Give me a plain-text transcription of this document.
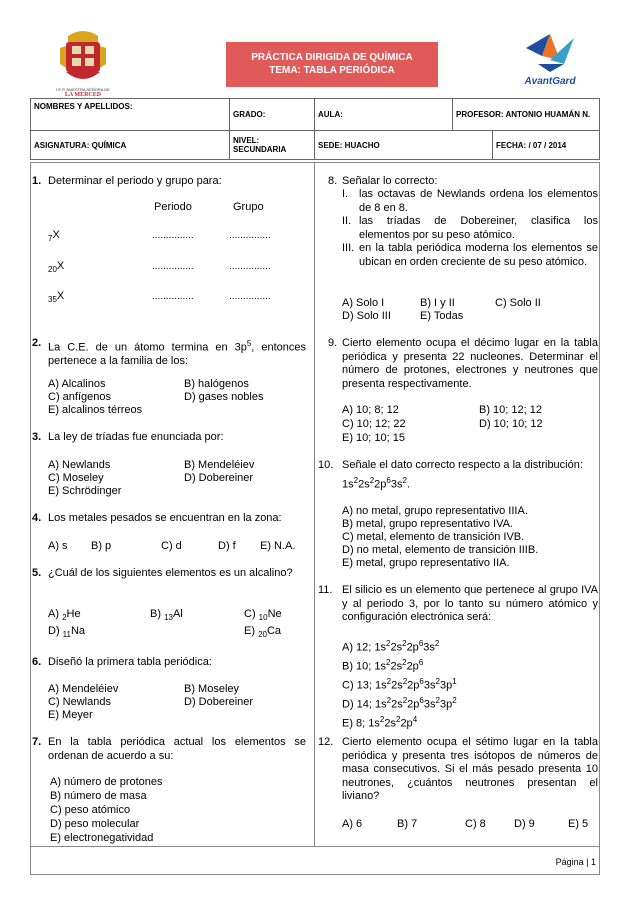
I.E.P. NUESTRA SEÑORA DE
LA MERCED
PRÁCTICA DIRIGIDA DE QUÍMICA
TEMA: TABLA PERIÓDICA
AvantGard
NOMBRES Y APELLIDOS:	GRADO:	AULA:	PROFESOR: ANTONIO HUAMÁN N.	
ASIGNATURA: QUÍMICA	NIVEL: SECUNDARIA	SEDE: HUACHO		FECHA: / 07 / 2014
Página | 1
1. Determinar el periodo y grupo para:
Periodo	Grupo
$_7$X	...............	...............
$_{20}$X	...............	...............
$_{35}$X	...............	...............
2. La C.E. de un átomo termina en $3p^5$, entonces pertenece a la familia de los:
A) Alcalinos	B) halógenos
C) anfígenos	D) gases nobles
E) alcalinos térreos
3. La ley de tríadas fue enunciada por:
A) Newlands	B) Mendeléiev
C) Moseley	D) Dobereiner
E) Schrödinger
4. Los metales pesados se encuentran en la zona:
A) s B) p	C) d	D) f E) N.A.
5. ¿Cuál de los siguientes elementos es un alcalino?
A) $_2$He	B) $_{13}$Al	C) $_{10}$Ne
D) $_{11}$Na	E) $_{20}$Ca
6. Diseñó la primera tabla periódica:
A) Mendeléiev	B) Moseley
C) Newlands	D) Dobereiner
E) Meyer
7. En la tabla periódica actual los elementos se ordenan de acuerdo a su:
A) número de protones
B) número de masa
C) peso atómico
D) peso molecular
E) electronegatividad
8. Señalar lo correcto:
I. las octavas de Newlands ordena los elementos de 8 en 8.
II. las tríadas de Dobereiner, clasifica los elementos por su peso atómico.
III. en la tabla periódica moderna los elementos se ubican en orden creciente de su peso atómico.
A) Solo I	B) I y II	C) Solo II
D) Solo III	E) Todas
9. Cierto elemento ocupa el décimo lugar en la tabla periódica y presenta 22 nucleones. Determinar el número de protones, electrones y neutrones que presenta respectivamente.
A) 10; 8; 12	B) 10; 12; 12
C) 10; 12; 22	D) 10; 10; 12
E) 10; 10; 15
10. Señale el dato correcto respecto a la distribución:
$1s^22s^22p^63s^2$.
A) no metal, grupo representativo IIIA.
B) metal, grupo representativo IVA.
C) metal, elemento de transición IVB.
D) no metal, elemento de transición IIIB.
E) metal, grupo representativo IIA.
11. El silicio es un elemento que pertenece al grupo IVA y al periodo 3, por lo tanto su número atómico y configuración electrónica será:
A) 12; $1s^22s^22p^63s^2$
B) 10; $1s^22s^22p^6$
C) 13; $1s^22s^22p^63s^23p^1$
D) 14; $1s^22s^22p^63s^23p^2$
E) 8; $1s^22s^22p^4$
12. Cierto elemento ocupa el sétimo lugar en la tabla periódica y presenta tres isótopos de números de masa consecutivos. Si el más pesado presenta 10 neutrones, ¿cuántos neutrones presentan el liviano?
A) 6	B) 7	C) 8	D) 9	E) 5
